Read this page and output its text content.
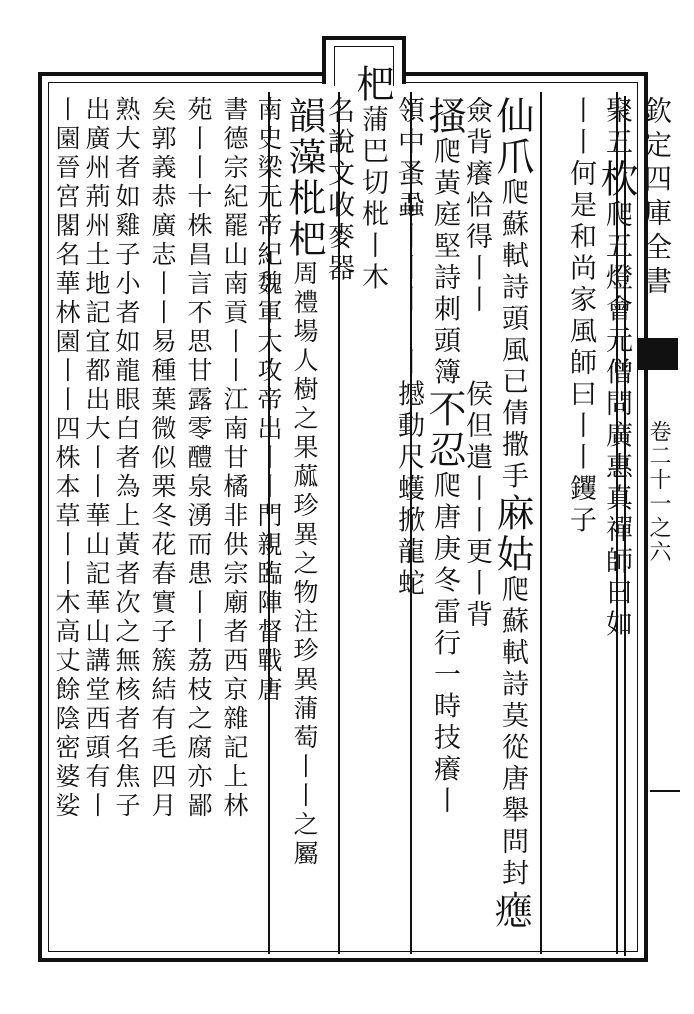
欽定四庫全書
卷二十一之六
聚五杴爬五燈會元僧問廣惠真禪師曰如
丨丨何是和尚家風師曰丨丨钁子
仙爪爬蘇軾詩頭風已倩撒手麻姑爬蘇軾詩莫從唐舉問封𤻮
僉背癢恰得丨丨　　侯但遣丨丨更丨背
搔爬黃庭堅詩刺頭簿不忍爬唐庚冬雷行一時技癢丨
領中蚤蝨丨丨丨　丨撼動尺蠖掀龍蛇
杷蒲巴切枇丨木
名說文收麥器
韻藻枇杷周禮場人樹之果蓏珍異之物注珍異蒲萄丨丨之屬
南史梁元帝紀魏軍大攻帝出丨丨門親臨陣督戰唐
書德宗紀罷山南貢丨丨江南甘橘非供宗廟者西京雜記上林
苑丨丨十株昌言不思甘露零醴泉湧而患丨丨荔枝之腐亦鄙
矣郭義恭廣志丨丨易種葉微似栗冬花春實子簇結有毛四月
熟大者如雞子小者如龍眼白者為上黃者次之無核者名焦子
出廣州荊州土地記宜都出大丨丨華山記華山講堂西頭有丨
丨園晉宮閣名華林園丨丨四株本草丨丨木高丈餘陰密婆娑
